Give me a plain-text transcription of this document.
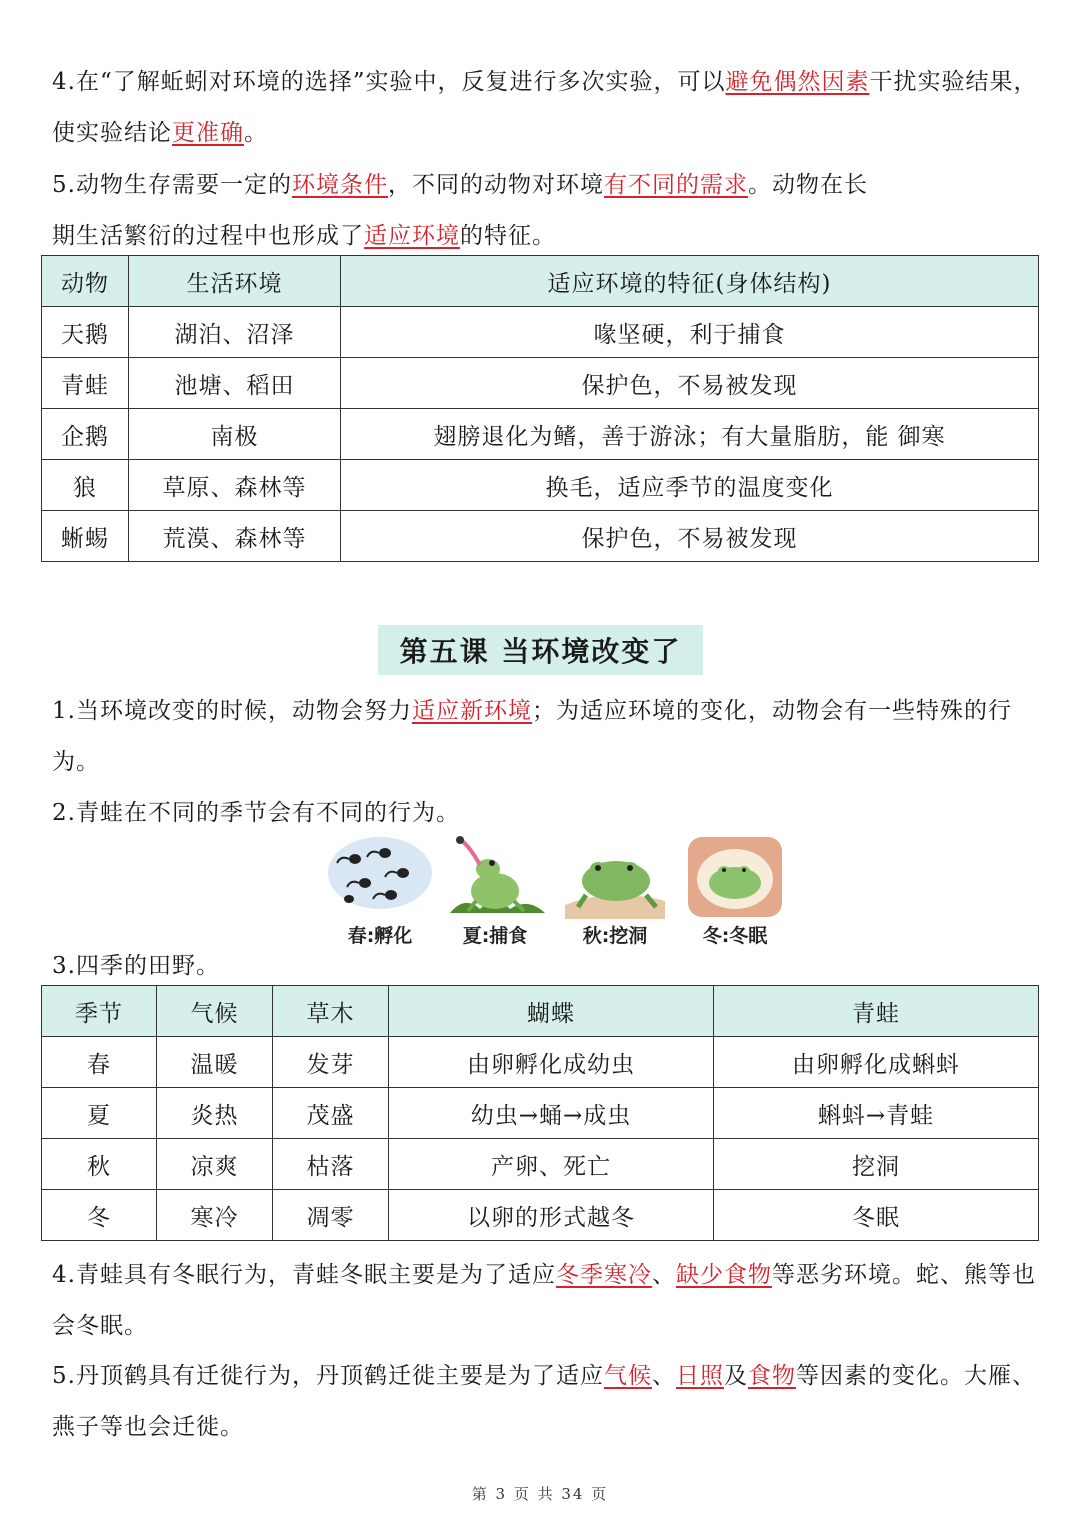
4.在“了解蚯蚓对环境的选择”实验中，反复进行多次实验，可以避免偶然因素干扰实验结果，使实验结论更准确。
5.动物生存需要一定的环境条件，不同的动物对环境有不同的需求。动物在长
期生活繁衍的过程中也形成了适应环境的特征。
动物	生活环境	适应环境的特征(身体结构)
天鹅	湖泊、沼泽	喙坚硬，利于捕食
青蛙	池塘、稻田	保护色，不易被发现
企鹅	南极	翅膀退化为鳍，善于游泳；有大量脂肪，能 御寒
狼	草原、森林等	换毛，适应季节的温度变化
蜥蜴	荒漠、森林等	保护色，不易被发现
第五课 当环境改变了
1.当环境改变的时候，动物会努力适应新环境；为适应环境的变化，动物会有一些特殊的行为。
2.青蛙在不同的季节会有不同的行为。
春:孵化	夏:捕食	秋:挖洞	冬:冬眠
3.四季的田野。
季节	气候	草木	蝴蝶	青蛙
春	温暖	发芽	由卵孵化成幼虫	由卵孵化成蝌蚪
夏	炎热	茂盛	幼虫→蛹→成虫	蝌蚪→青蛙
秋	凉爽	枯落	产卵、死亡	挖洞
冬	寒冷	凋零	以卵的形式越冬	冬眠
4.青蛙具有冬眠行为，青蛙冬眠主要是为了适应冬季寒冷、缺少食物等恶劣环境。蛇、熊等也会冬眠。
5.丹顶鹤具有迁徙行为，丹顶鹤迁徙主要是为了适应气候、日照及食物等因素的变化。大雁、燕子等也会迁徙。
第 3 页 共 34 页
